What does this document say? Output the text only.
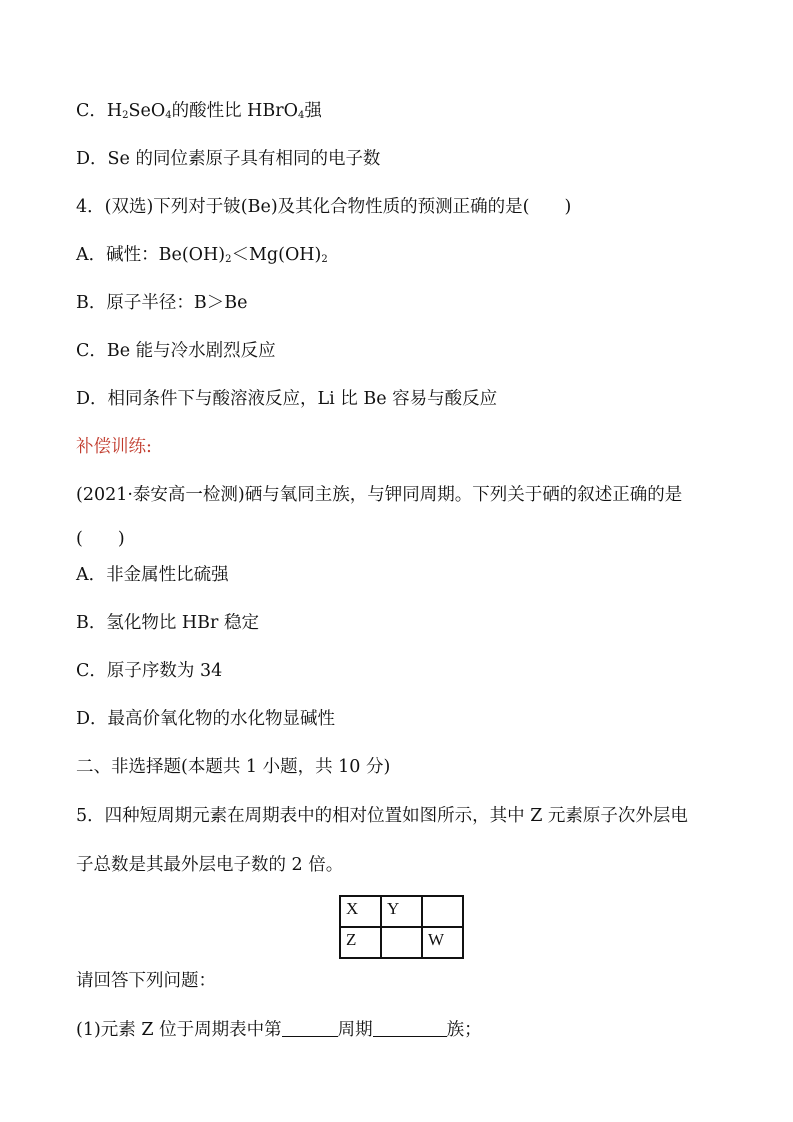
C．$H_2SeO_4$的酸性比 HBrO$_4$强
D．Se 的同位素原子具有相同的电子数
4．(双选)下列对于铍(Be)及其化合物性质的预测正确的是(　　)
A．碱性：$Be(OH)_2<Mg(OH)_2$
B．原子半径：B＞Be
C．Be 能与冷水剧烈反应
D．相同条件下与酸溶液反应，Li 比 Be 容易与酸反应
补偿训练:
(2021·泰安高一检测)硒与氧同主族，与钾同周期。下列关于硒的叙述正确的是
(　　)
A．非金属性比硫强
B．氢化物比 HBr 稳定
C．原子序数为 34
D．最高价氧化物的水化物显碱性
二、非选择题(本题共 1 小题，共 10 分)
5．四种短周期元素在周期表中的相对位置如图所示，其中 Z 元素原子次外层电
子总数是其最外层电子数的 2 倍。
X	Y	
Z		W
请回答下列问题：
(1)元素 Z 位于周期表中第	周期	族；
